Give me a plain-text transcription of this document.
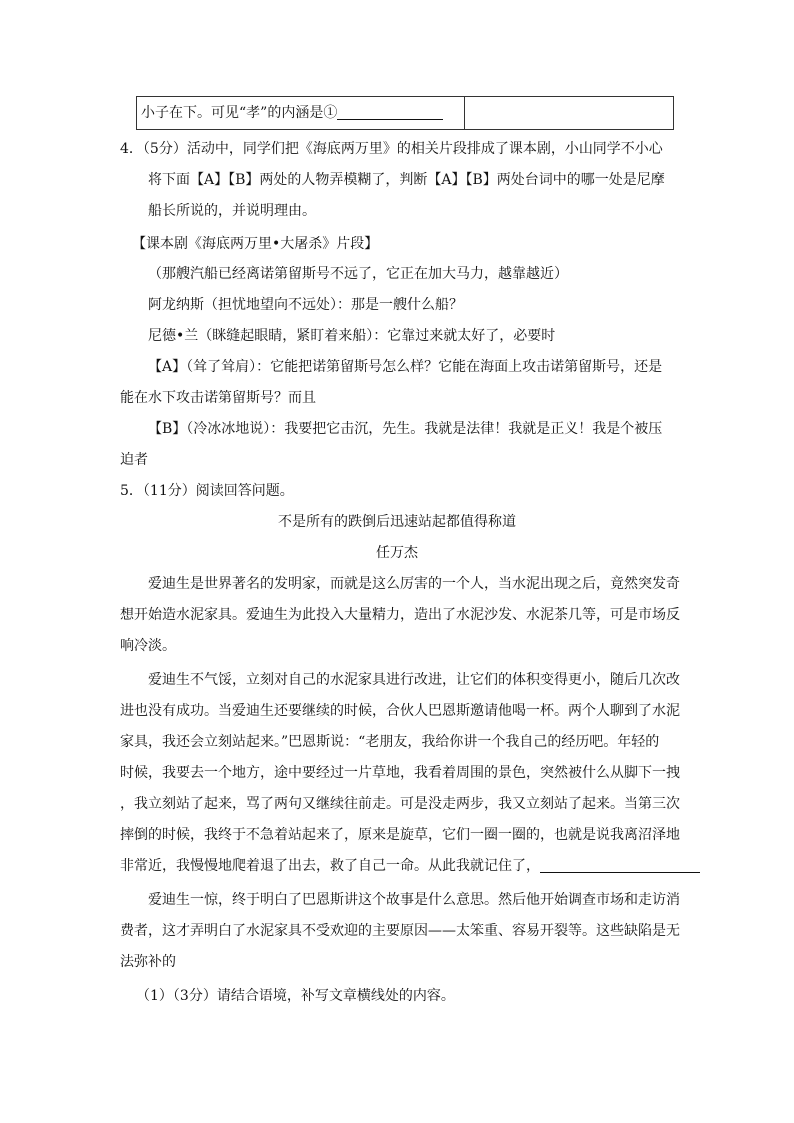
小子在下。可见“孝”的内涵是①
4．（5分）活动中，同学们把《海底两万里》的相关片段排成了课本剧，小山同学不小心
将下面【A】【B】两处的人物弄模糊了，判断【A】【B】两处台词中的哪一处是尼摩
船长所说的，并说明理由。
【课本剧《海底两万里•大屠杀》片段】
（那艘汽船已经离诺第留斯号不远了，它正在加大马力，越靠越近）
阿龙纳斯（担忧地望向不远处）：那是一艘什么船？
尼德•兰（眯缝起眼睛，紧盯着来船）：它靠过来就太好了，必要时
【A】（耸了耸肩）：它能把诺第留斯号怎么样？它能在海面上攻击诺第留斯号，还是
能在水下攻击诺第留斯号？而且
【B】（冷冰冰地说）：我要把它击沉，先生。我就是法律！我就是正义！我是个被压
迫者
5．（11分）阅读回答问题。
不是所有的跌倒后迅速站起都值得称道
任万杰
爱迪生是世界著名的发明家，而就是这么厉害的一个人，当水泥出现之后，竟然突发奇
想开始造水泥家具。爱迪生为此投入大量精力，造出了水泥沙发、水泥茶几等，可是市场反
响冷淡。
爱迪生不气馁，立刻对自己的水泥家具进行改进，让它们的体积变得更小，随后几次改
进也没有成功。当爱迪生还要继续的时候，合伙人巴恩斯邀请他喝一杯。两个人聊到了水泥
家具，我还会立刻站起来。”巴恩斯说：“老朋友，我给你讲一个我自己的经历吧。年轻的
时候，我要去一个地方，途中要经过一片草地，我看着周围的景色，突然被什么从脚下一拽
，我立刻站了起来，骂了两句又继续往前走。可是没走两步，我又立刻站了起来。当第三次
摔倒的时候，我终于不急着站起来了，原来是旋草，它们一圈一圈的，也就是说我离沼泽地
非常近，我慢慢地爬着退了出去，救了自己一命。从此我就记住了，
爱迪生一惊，终于明白了巴恩斯讲这个故事是什么意思。然后他开始调查市场和走访消
费者，这才弄明白了水泥家具不受欢迎的主要原因——太笨重、容易开裂等。这些缺陷是无
法弥补的
（1）（3分）请结合语境，补写文章横线处的内容。
